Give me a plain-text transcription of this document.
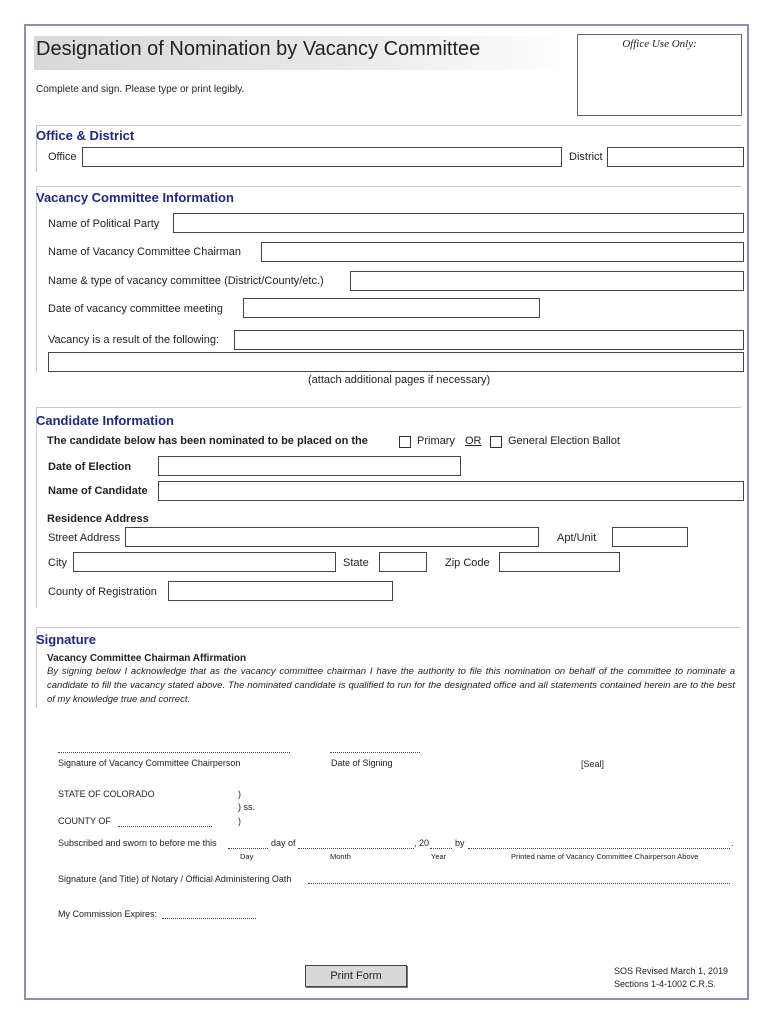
Designation of Nomination by Vacancy Committee
Complete and sign. Please type or print legibly.
Office Use Only:
Office & District
Office	District
Vacancy Committee Information
Name of Political Party
Name of Vacancy Committee Chairman
Name & type of vacancy committee (District/County/etc.)
Date of vacancy committee meeting
Vacancy is a result of the following:
(attach additional pages if necessary)
Candidate Information
The candidate below has been nominated to be placed on the	Primary OR General Election Ballot
Date of Election
Name of Candidate
Residence Address
Street Address	Apt/Unit
City	State	Zip Code
County of Registration
Signature
Vacancy Committee Chairman Affirmation
By signing below I acknowledge that as the vacancy committee chairman I have the authority to file this nomination on behalf of the committee to nominate a candidate to fill the vacancy stated above. The nominated candidate is qualified to run for the designated office and all statements contained herein are to the best of my knowledge true and correct.
Signature of Vacancy Committee Chairperson	Date of Signing	[Seal]
STATE OF COLORADO	)
) ss.
)
COUNTY OF
Subscribed and sworn to before me this	day of	, 20	by	.
Day	Month	Year	Printed name of Vacancy Committee Chairperson Above
Signature (and Title) of Notary / Official Administering Oath
My Commission Expires:
Print Form	SOS Revised March 1, 2019
Sections 1-4-1002 C.R.S.
